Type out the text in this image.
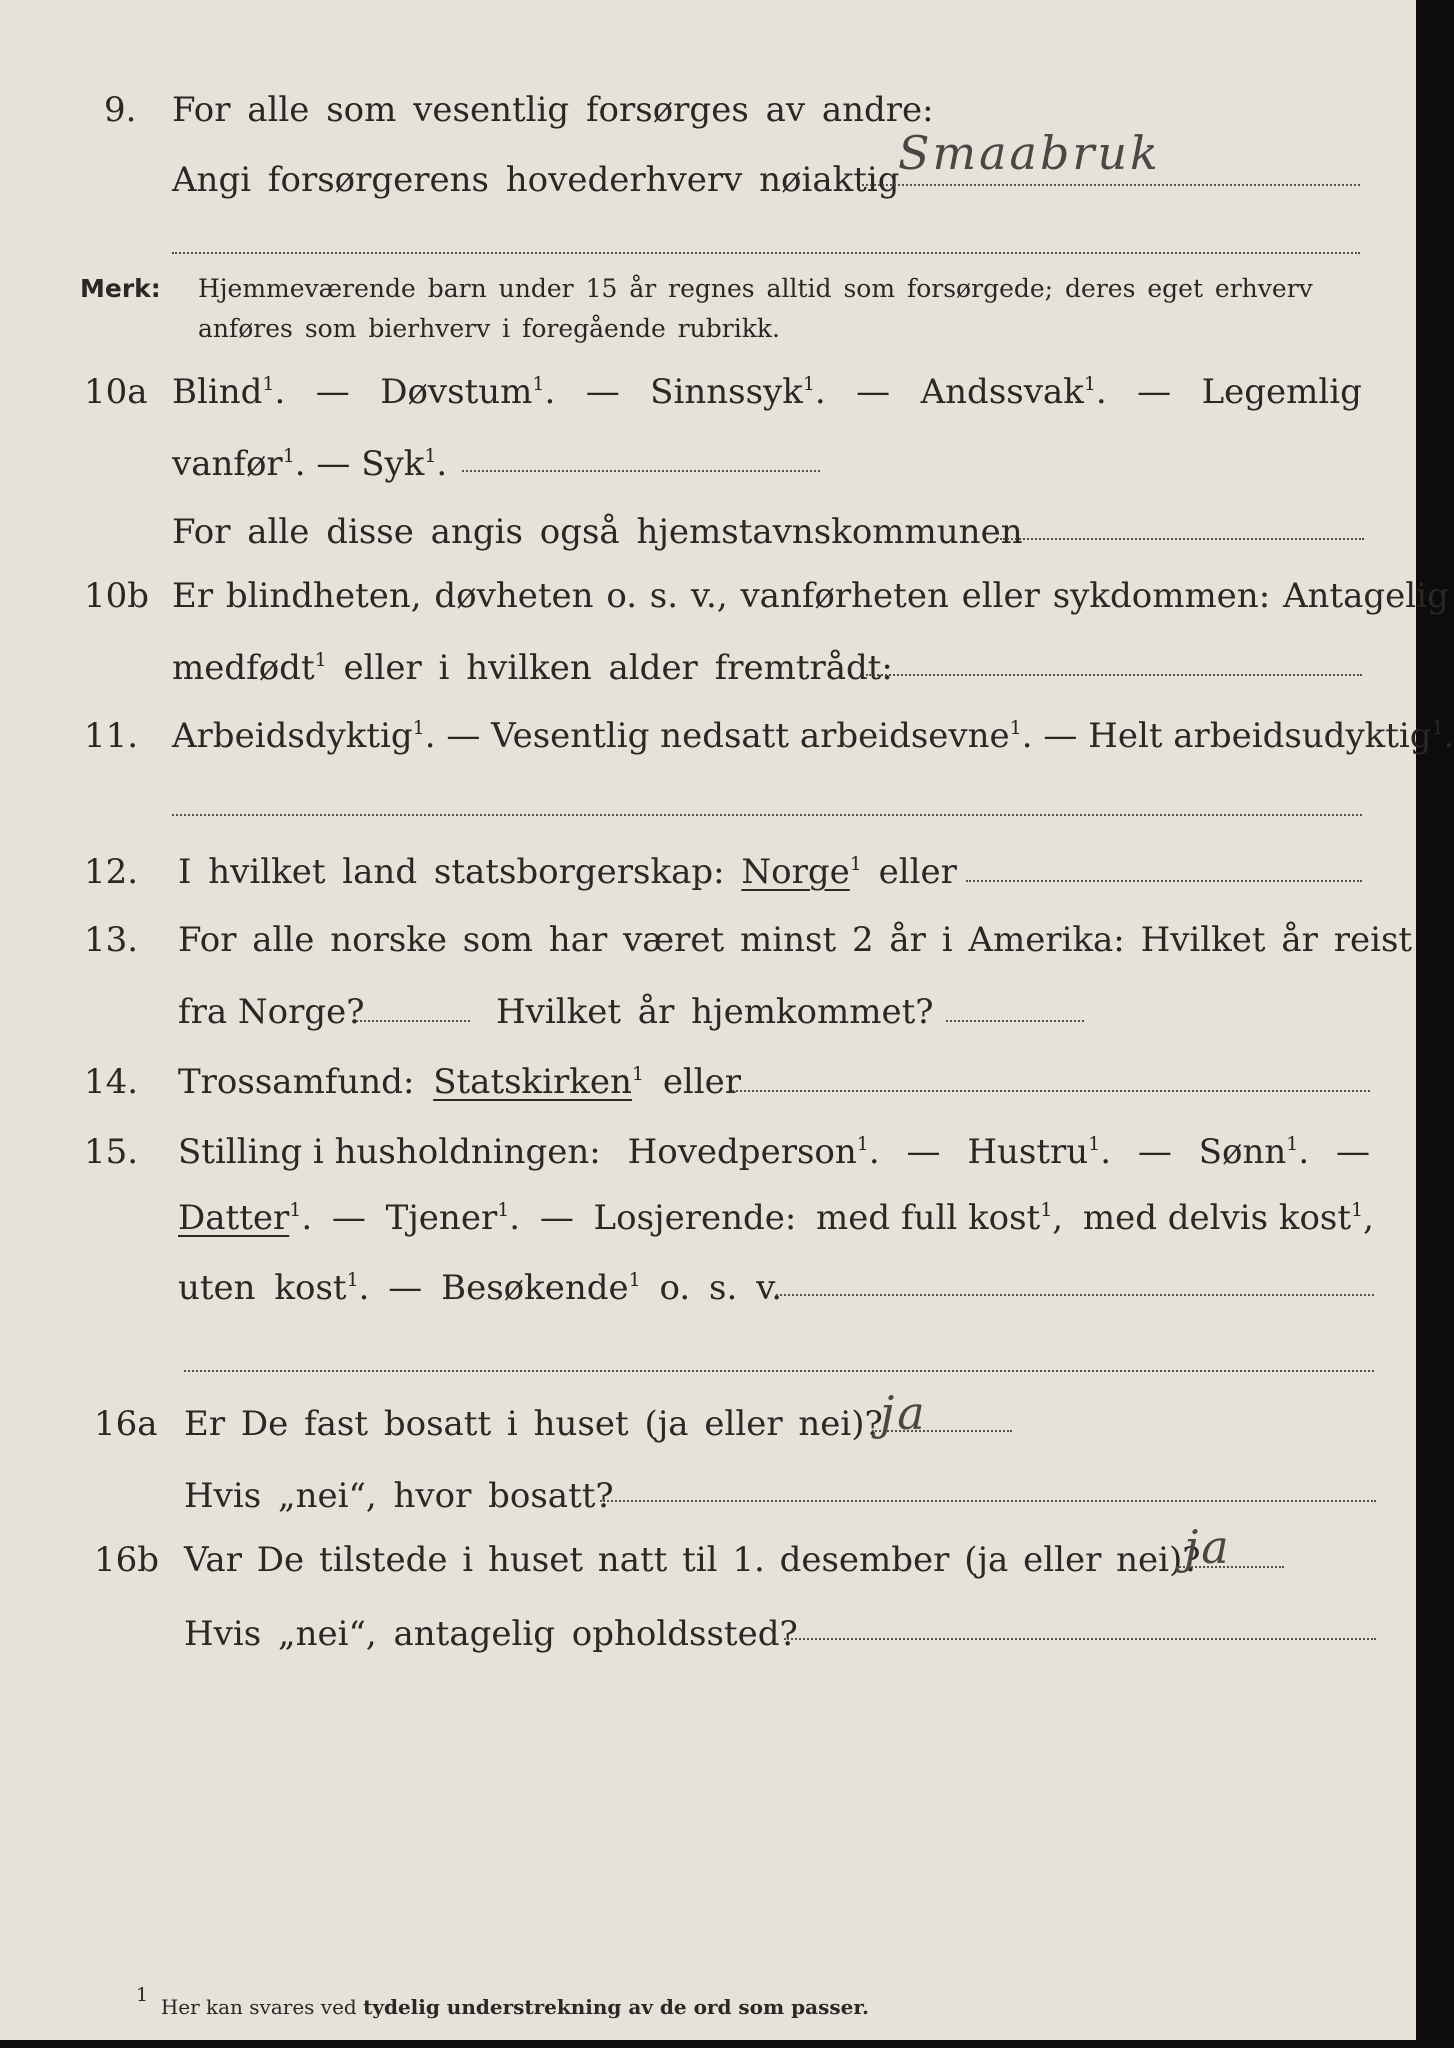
9. For alle som vesentlig forsørges av andre:
Angi forsørgerens hovederhverv nøiaktig
Smaabruk
Merk: Hjemmeværende barn under 15 år regnes alltid som forsørgede; deres eget erhverv
anføres som bierhverv i foregående rubrikk.
10a Blind$^1$. — Døvstum$^1$. — Sinnssyk$^1$. — Andssvak$^1$. — Legemlig
vanfør$^1$. — Syk$^1$.
For alle disse angis også hjemstavnskommunen
10b Er blindheten, døvheten o. s. v., vanførheten eller sykdommen: Antagelig
medfødt$^1$ eller i hvilken alder fremtrådt:
11. Arbeidsdyktig$^1$. — Vesentlig nedsatt arbeidsevne$^1$. — Helt arbeidsudyktig$^1$.
12. I hvilket land statsborgerskap: Norge$^1$ eller
13. For alle norske som har været minst 2 år i Amerika: Hvilket år reist
fra Norge?	Hvilket år hjemkommet?
14. Trossamfund: Statskirken$^1$ eller
15. Stilling i husholdningen: Hovedperson$^1$. — Hustru$^1$. — Sønn$^1$. —
Datter$^1$. — Tjener$^1$. — Losjerende: med full kost$^1$, med delvis kost$^1$,
uten kost$^1$. — Besøkende$^1$ o. s. v.
16a Er De fast bosatt i huset (ja eller nei)?
ja
Hvis „nei“, hvor bosatt?
16b Var De tilstede i huset natt til 1. desember (ja eller nei)?
ja
Hvis „nei“, antagelig opholdssted?
1 Her kan svares ved tydelig understrekning av de ord som passer.
